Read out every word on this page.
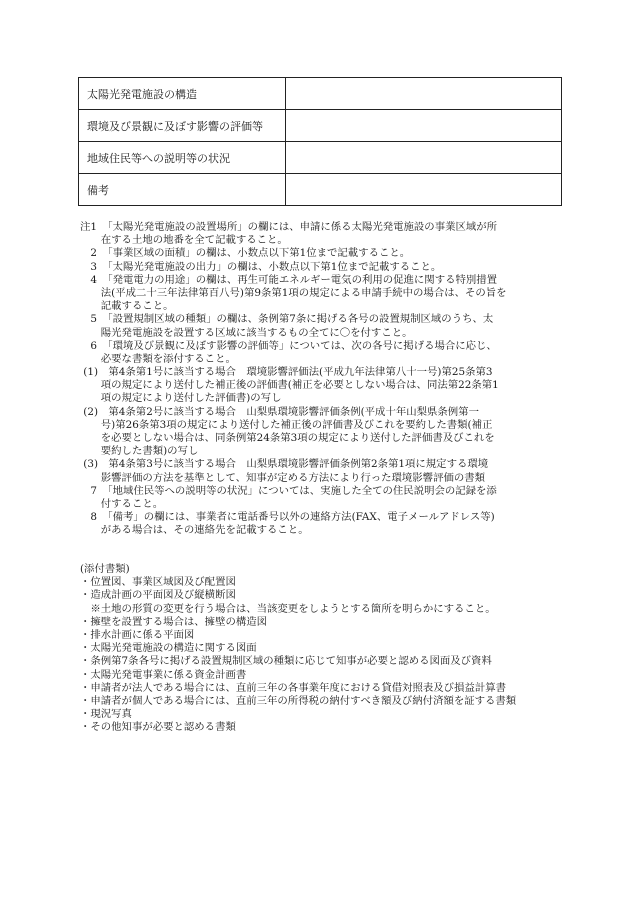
太陽光発電施設の構造	
環境及び景観に及ぼす影響の評価等	
地域住民等への説明等の状況	
備考	
注1　「太陽光発電施設の設置場所」の欄には、申請に係る太陽光発電施設の事業区域が所
　　在する土地の地番を全て記載すること。
　2　「事業区域の面積」の欄は、小数点以下第1位まで記載すること。
　3　「太陽光発電施設の出力」の欄は、小数点以下第1位まで記載すること。
　4　「発電電力の用途」の欄は、再生可能エネルギー電気の利用の促進に関する特別措置
　　法(平成二十三年法律第百八号)第9条第1項の規定による申請手続中の場合は、その旨を
　　記載すること。
　5　「設置規制区域の種類」の欄は、条例第7条に掲げる各号の設置規制区域のうち、太
　　陽光発電施設を設置する区域に該当するもの全てに〇を付すこと。
　6　「環境及び景観に及ぼす影響の評価等」については、次の各号に掲げる場合に応じ、
　　必要な書類を添付すること。
(1)　第4条第1号に該当する場合　環境影響評価法(平成九年法律第八十一号)第25条第3
　　項の規定により送付した補正後の評価書(補正を必要としない場合は、同法第22条第1
　　項の規定により送付した評価書)の写し
(2)　第4条第2号に該当する場合　山梨県環境影響評価条例(平成十年山梨県条例第一
　　号)第26条第3項の規定により送付した補正後の評価書及びこれを要約した書類(補正
　　を必要としない場合は、同条例第24条第3項の規定により送付した評価書及びこれを
　　要約した書類)の写し
(3)　第4条第3号に該当する場合　山梨県環境影響評価条例第2条第1項に規定する環境
　　影響評価の方法を基準として、知事が定める方法により行った環境影響評価の書類
　7　「地域住民等への説明等の状況」については、実施した全ての住民説明会の記録を添
　　付すること。
　8　「備考」の欄には、事業者に電話番号以外の連絡方法(FAX、電子メールアドレス等)
　　がある場合は、その連絡先を記載すること。
(添付書類)
・位置図、事業区域図及び配置図
・造成計画の平面図及び縦横断図
　※土地の形質の変更を行う場合は、当該変更をしようとする箇所を明らかにすること。
・擁壁を設置する場合は、擁壁の構造図
・排水計画に係る平面図
・太陽光発電施設の構造に関する図面
・条例第7条各号に掲げる設置規制区域の種類に応じて知事が必要と認める図面及び資料
・太陽光発電事業に係る資金計画書
・申請者が法人である場合には、直前三年の各事業年度における貸借対照表及び損益計算書
・申請者が個人である場合には、直前三年の所得税の納付すべき額及び納付済額を証する書類
・現況写真
・その他知事が必要と認める書類
